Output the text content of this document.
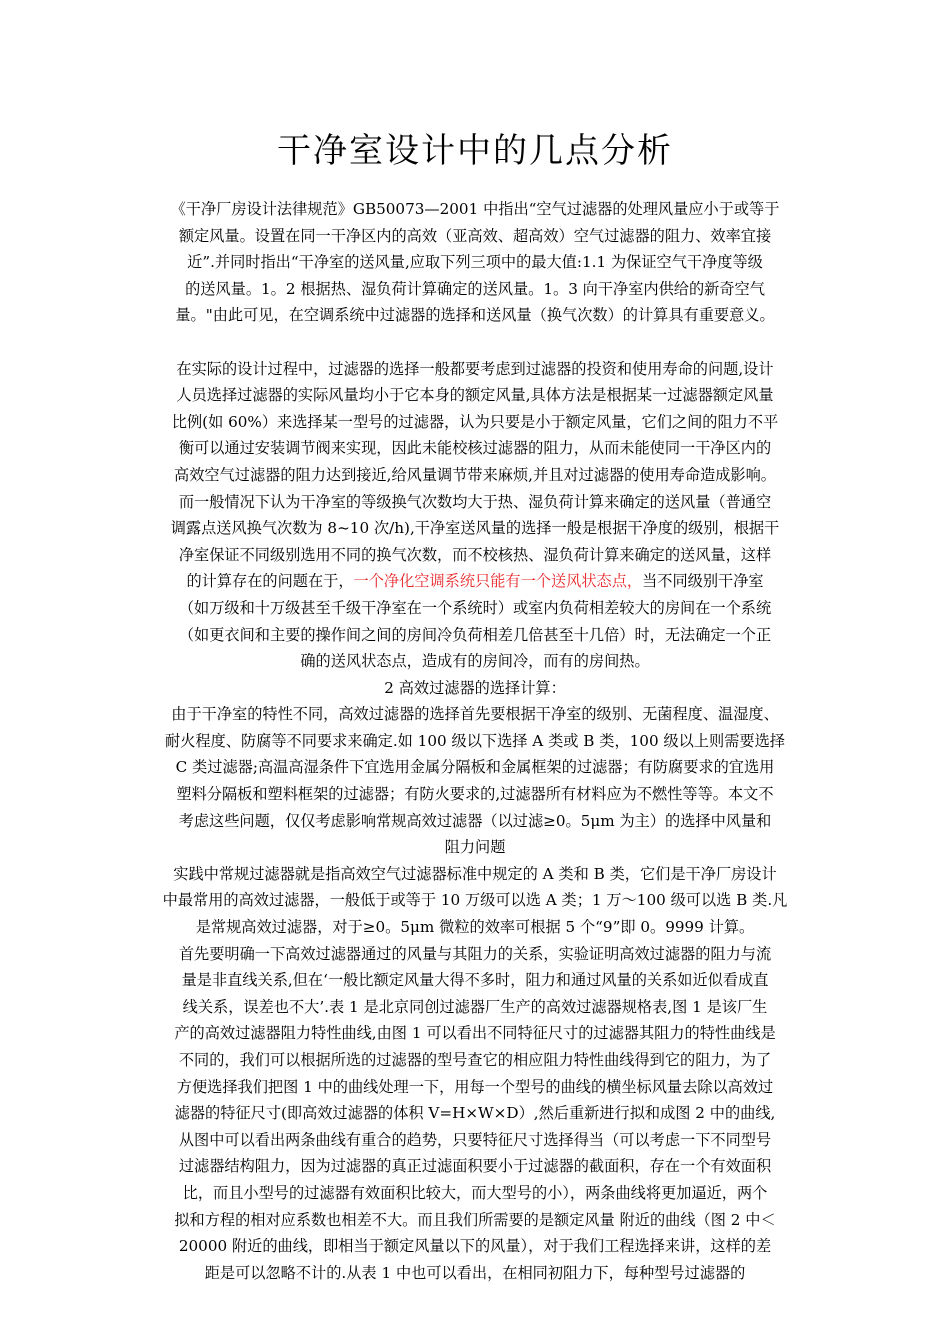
干净室设计中的几点分析
《干净厂房设计法律规范》GB50073—2001 中指出“空气过滤器的处理风量应小于或等于
额定风量。设置在同一干净区内的高效（亚高效、超高效）空气过滤器的阻力、效率宜接
近”.并同时指出“干净室的送风量,应取下列三项中的最大值:1.1 为保证空气干净度等级
的送风量。1。2 根据热、湿负荷计算确定的送风量。1。3 向干净室内供给的新奇空气
量。"由此可见，在空调系统中过滤器的选择和送风量（换气次数）的计算具有重要意义。
在实际的设计过程中，过滤器的选择一般都要考虑到过滤器的投资和使用寿命的问题,设计
人员选择过滤器的实际风量均小于它本身的额定风量,具体方法是根据某一过滤器额定风量
比例(如 60%）来选择某一型号的过滤器，认为只要是小于额定风量，它们之间的阻力不平
衡可以通过安装调节阀来实现，因此未能校核过滤器的阻力，从而未能使同一干净区内的
高效空气过滤器的阻力达到接近,给风量调节带来麻烦,并且对过滤器的使用寿命造成影响。
而一般情况下认为干净室的等级换气次数均大于热、湿负荷计算来确定的送风量（普通空
调露点送风换气次数为 8~10 次/h),干净室送风量的选择一般是根据干净度的级别，根据干
净室保证不同级别选用不同的换气次数，而不校核热、湿负荷计算来确定的送风量，这样
的计算存在的问题在于，一个净化空调系统只能有一个送风状态点，当不同级别干净室
（如万级和十万级甚至千级干净室在一个系统时）或室内负荷相差较大的房间在一个系统
（如更衣间和主要的操作间之间的房间冷负荷相差几倍甚至十几倍）时，无法确定一个正
确的送风状态点，造成有的房间冷，而有的房间热。
2 高效过滤器的选择计算：
由于干净室的特性不同，高效过滤器的选择首先要根据干净室的级别、无菌程度、温湿度、
耐火程度、防腐等不同要求来确定.如 100 级以下选择 A 类或 B 类，100 级以上则需要选择
C 类过滤器;高温高湿条件下宜选用金属分隔板和金属框架的过滤器；有防腐要求的宜选用
塑料分隔板和塑料框架的过滤器；有防火要求的,过滤器所有材料应为不燃性等等。本文不
考虑这些问题，仅仅考虑影响常规高效过滤器（以过滤≥0。5μm 为主）的选择中风量和
阻力问题
实践中常规过滤器就是指高效空气过滤器标准中规定的 A 类和 B 类，它们是干净厂房设计
中最常用的高效过滤器，一般低于或等于 10 万级可以选 A 类；1 万～100 级可以选 B 类.凡
是常规高效过滤器，对于≥0。5μm 微粒的效率可根据 5 个“9”即 0。9999 计算。
首先要明确一下高效过滤器通过的风量与其阻力的关系，实验证明高效过滤器的阻力与流
量是非直线关系,但在‘一般比额定风量大得不多时，阻力和通过风量的关系如近似看成直
线关系，误差也不大’.表 1 是北京同创过滤器厂生产的高效过滤器规格表,图 1 是该厂生
产的高效过滤器阻力特性曲线,由图 1 可以看出不同特征尺寸的过滤器其阻力的特性曲线是
不同的，我们可以根据所选的过滤器的型号查它的相应阻力特性曲线得到它的阻力，为了
方便选择我们把图 1 中的曲线处理一下，用每一个型号的曲线的横坐标风量去除以高效过
滤器的特征尺寸(即高效过滤器的体积 V=H×W×D）,然后重新进行拟和成图 2 中的曲线,
从图中可以看出两条曲线有重合的趋势，只要特征尺寸选择得当（可以考虑一下不同型号
过滤器结构阻力，因为过滤器的真正过滤面积要小于过滤器的截面积，存在一个有效面积
比，而且小型号的过滤器有效面积比较大，而大型号的小），两条曲线将更加逼近，两个
拟和方程的相对应系数也相差不大。而且我们所需要的是额定风量 附近的曲线（图 2 中＜
20000 附近的曲线，即相当于额定风量以下的风量），对于我们工程选择来讲，这样的差
距是可以忽略不计的.从表 1 中也可以看出，在相同初阻力下，每种型号过滤器的
